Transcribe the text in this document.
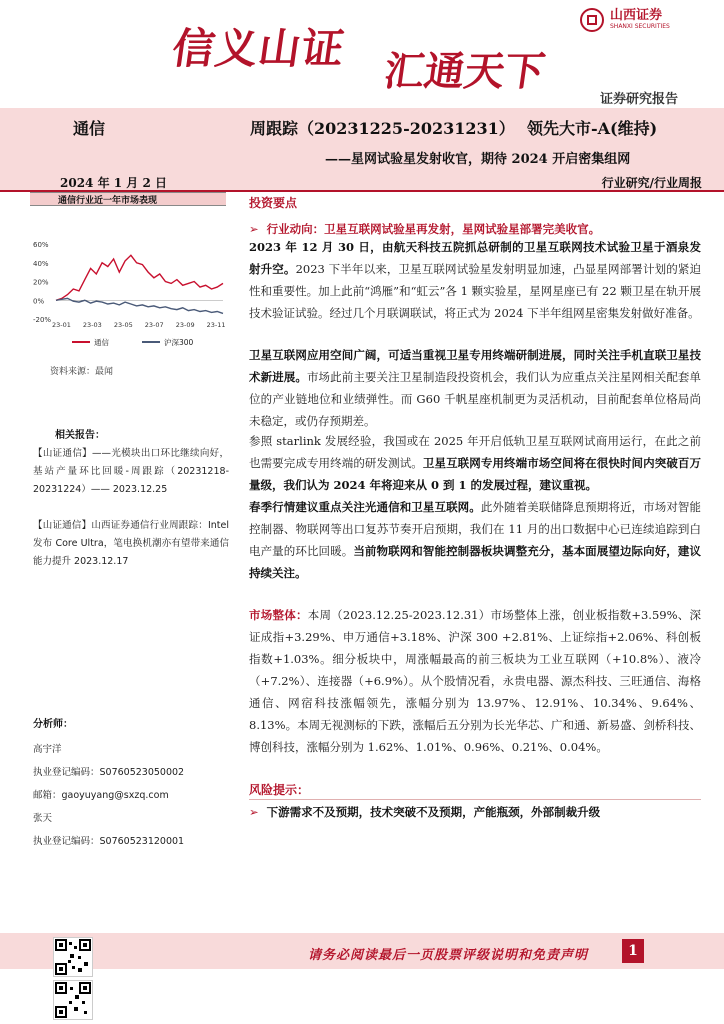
信义山证 汇通天下
山西证券
SHANXI SECURITIES
证券研究报告
通信	周跟踪（20231225-20231231） 领先大市-A(维持)
——星网试验星发射收官，期待 2024 开启密集组网
2024 年 1 月 2 日	行业研究/行业周报
通信行业近一年市场表现
60%
40%
20%
0%
-20%
23-01 23-03 23-05 23-07 23-09 23-11
通信	沪深300
资料来源：最闻
相关报告：
【山证通信】——光模块出口环比继续向好，基站产量环比回暖-周跟踪（20231218-20231224）—— 2023.12.25
【山证通信】山西证券通信行业周跟踪：Intel 发布 Core Ultra，笔电换机潮亦有望带来通信能力提升 2023.12.17
分析师：
高宇洋
执业登记编码：S0760523050002
邮箱：gaoyuyang@sxzq.com
张天
执业登记编码：S0760523120001
投资要点
➢ 行业动向：卫星互联网试验星再发射，星网试验星部署完美收官。
2023 年 12 月 30 日，由航天科技五院抓总研制的卫星互联网技术试验卫星于酒泉发射升空。2023 下半年以来，卫星互联网试验星发射明显加速，凸显星网部署计划的紧迫性和重要性。加上此前“鸿雁”和“虹云”各 1 颗实验星，星网星座已有 22 颗卫星在轨开展技术验证试验。经过几个月联调联试，将正式为 2024 下半年组网星密集发射做好准备。
卫星互联网应用空间广阔，可适当重视卫星专用终端研制进展，同时关注手机直联卫星技术新进展。市场此前主要关注卫星制造段投资机会，我们认为应重点关注星网相关配套单位的产业链地位和业绩弹性。而 G60 千帆星座机制更为灵活机动，目前配套单位格局尚未稳定，或仍存预期差。
参照 starlink 发展经验，我国或在 2025 年开启低轨卫星互联网试商用运行，在此之前也需要完成专用终端的研发测试。卫星互联网专用终端市场空间将在很快时间内突破百万量级，我们认为 2024 年将迎来从 0 到 1 的发展过程，建议重视。
春季行情建议重点关注光通信和卫星互联网。此外随着美联储降息预期将近，市场对智能控制器、物联网等出口复苏节奏开启预期，我们在 11 月的出口数据中心已连续追踪到白电产量的环比回暖。当前物联网和智能控制器板块调整充分，基本面展望边际向好，建议持续关注。
市场整体：本周（2023.12.25-2023.12.31）市场整体上涨，创业板指数+3.59%、深证成指+3.29%、申万通信+3.18%、沪深 300 +2.81%、上证综指+2.06%、科创板指数+1.03%。细分板块中，周涨幅最高的前三板块为工业互联网（+10.8%）、液冷（+7.2%）、连接器（+6.9%）。从个股情况看，永贵电器、源杰科技、三旺通信、海格通信、网宿科技涨幅领先，涨幅分别为 13.97%、12.91%、10.34%、9.64%、8.13%。本周无视测标的下跌，涨幅后五分别为长光华芯、广和通、新易盛、剑桥科技、博创科技，涨幅分别为 1.62%、1.01%、0.96%、0.21%、0.04%。
风险提示：
➢ 下游需求不及预期，技术突破不及预期，产能瓶颈，外部制裁升级
请务必阅读最后一页股票评级说明和免责声明	1
